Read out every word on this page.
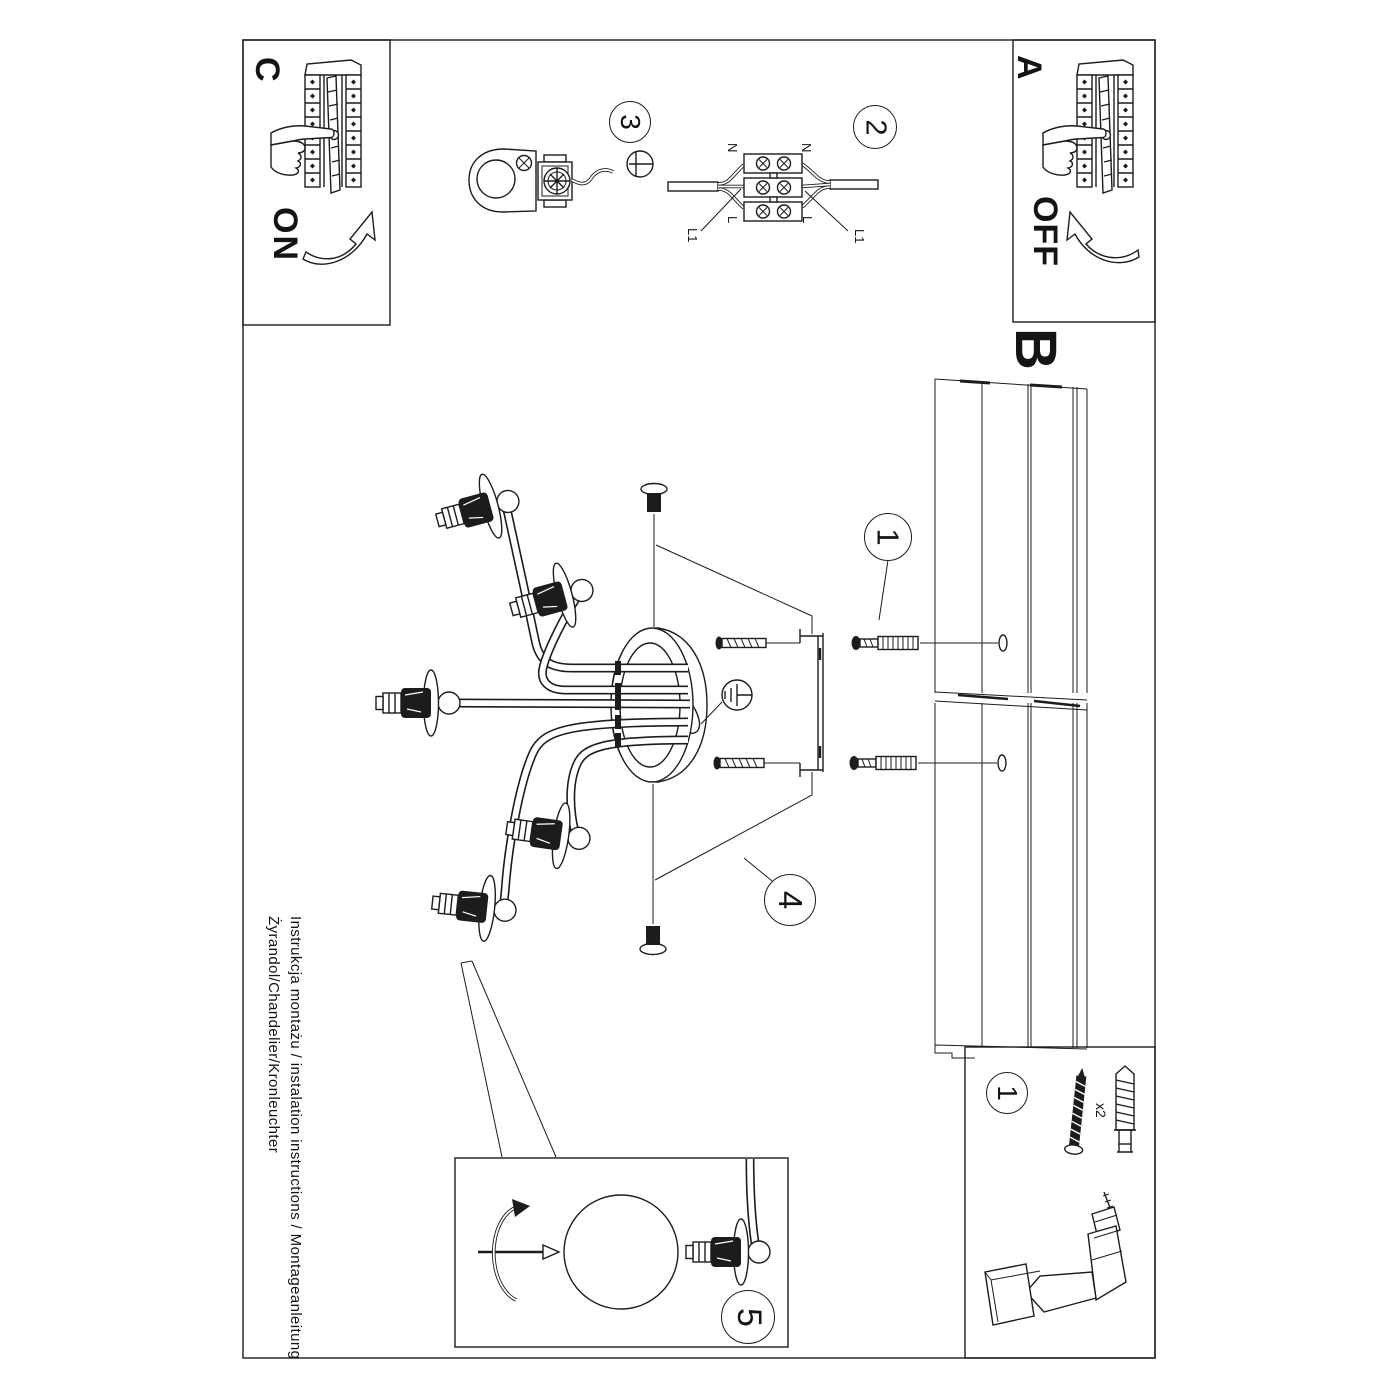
C
ON
A
OFF
B
N	N
L	L
L1	L1
x2
Instrukcja montażu / instalation instructions / Montageanleitung
Żyrandol/Chandelier/Kronleuchter
3	2
1
4
5
1
